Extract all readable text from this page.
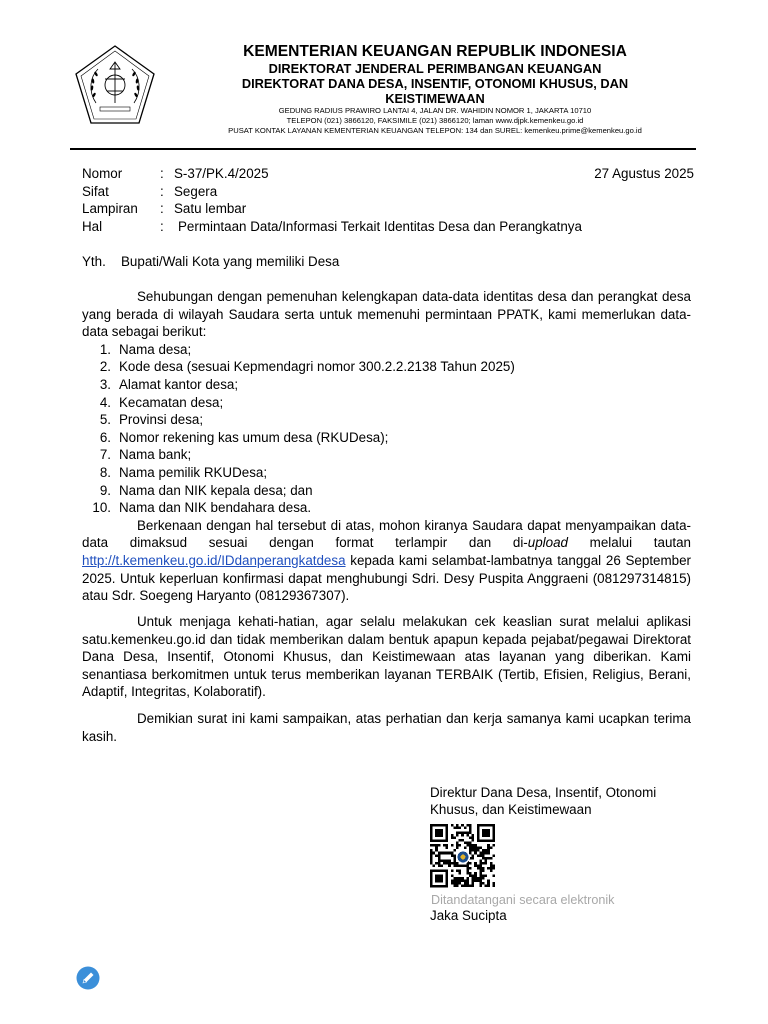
KEMENTERIAN KEUANGAN REPUBLIK INDONESIA
DIREKTORAT JENDERAL PERIMBANGAN KEUANGAN
DIREKTORAT DANA DESA, INSENTIF, OTONOMI KHUSUS, DAN KEISTIMEWAAN
GEDUNG RADIUS PRAWIRO LANTAI 4, JALAN DR. WAHIDIN NOMOR 1, JAKARTA 10710
TELEPON (021) 3866120, FAKSIMILE (021) 3866120; laman www.djpk.kemenkeu.go.id
PUSAT KONTAK LAYANAN KEMENTERIAN KEUANGAN TELEPON: 134 dan SUREL: kemenkeu.prime@kemenkeu.go.id
Nomor	: S-37/PK.4/2025
Sifat	: Segera
Lampiran	: Satu lembar
Hal	:	Permintaan Data/Informasi Terkait Identitas Desa dan Perangkatnya
27 Agustus 2025
Yth. Bupati/Wali Kota yang memiliki Desa

Sehubungan dengan pemenuhan kelengkapan data-data identitas desa dan perangkat desa yang berada di wilayah Saudara serta untuk memenuhi permintaan PPATK, kami memerlukan data-data sebagai berikut:

1. Nama desa;
2. Kode desa (sesuai Kepmendagri nomor 300.2.2.2138 Tahun 2025)
3. Alamat kantor desa;
4. Kecamatan desa;
5. Provinsi desa;
6. Nomor rekening kas umum desa (RKUDesa);
7. Nama bank;
8. Nama pemilik RKUDesa;
9. Nama dan NIK kepala desa; dan
10. Nama dan NIK bendahara desa.

Berkenaan dengan hal tersebut di atas, mohon kiranya Saudara dapat menyampaikan data-data dimaksud sesuai dengan format terlampir dan di-upload melalui tautan http://t.kemenkeu.go.id/IDdanperangkatdesa kepada kami selambat-lambatnya tanggal 26 September 2025. Untuk keperluan konfirmasi dapat menghubungi Sdri. Desy Puspita Anggraeni (081297314815) atau Sdr. Soegeng Haryanto (08129367307).

Untuk menjaga kehati-hatian, agar selalu melakukan cek keaslian surat melalui aplikasi satu.kemenkeu.go.id dan tidak memberikan dalam bentuk apapun kepada pejabat/pegawai Direktorat Dana Desa, Insentif, Otonomi Khusus, dan Keistimewaan atas layanan yang diberikan. Kami senantiasa berkomitmen untuk terus memberikan layanan TERBAIK (Tertib, Efisien, Religius, Berani, Adaptif, Integritas, Kolaboratif).

Demikian surat ini kami sampaikan, atas perhatian dan kerja samanya kami ucapkan terima kasih.

Direktur Dana Desa, Insentif, Otonomi
Khusus, dan Keistimewaan
Ditandatangani secara elektronik
Jaka Sucipta
